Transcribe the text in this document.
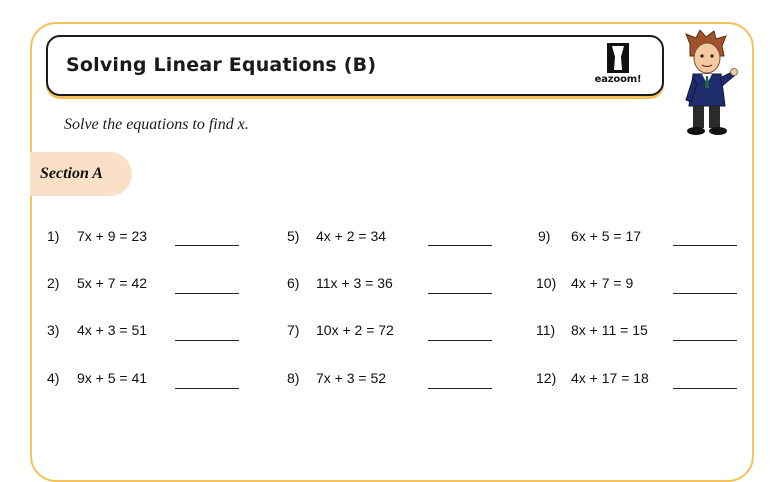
Solving Linear Equations (B)
eazoom!
Solve the equations to find x.
Section A
1) 7x + 9 = 23
2) 5x + 7 = 42
3) 4x + 3 = 51
4) 9x + 5 = 41
5) 4x + 2 = 34
6) 11x + 3 = 36
7) 10x + 2 = 72
8) 7x + 3 = 52
9) 6x + 5 = 17
10) 4x + 7 = 9
11) 8x + 11 = 15
12) 4x + 17 = 18
